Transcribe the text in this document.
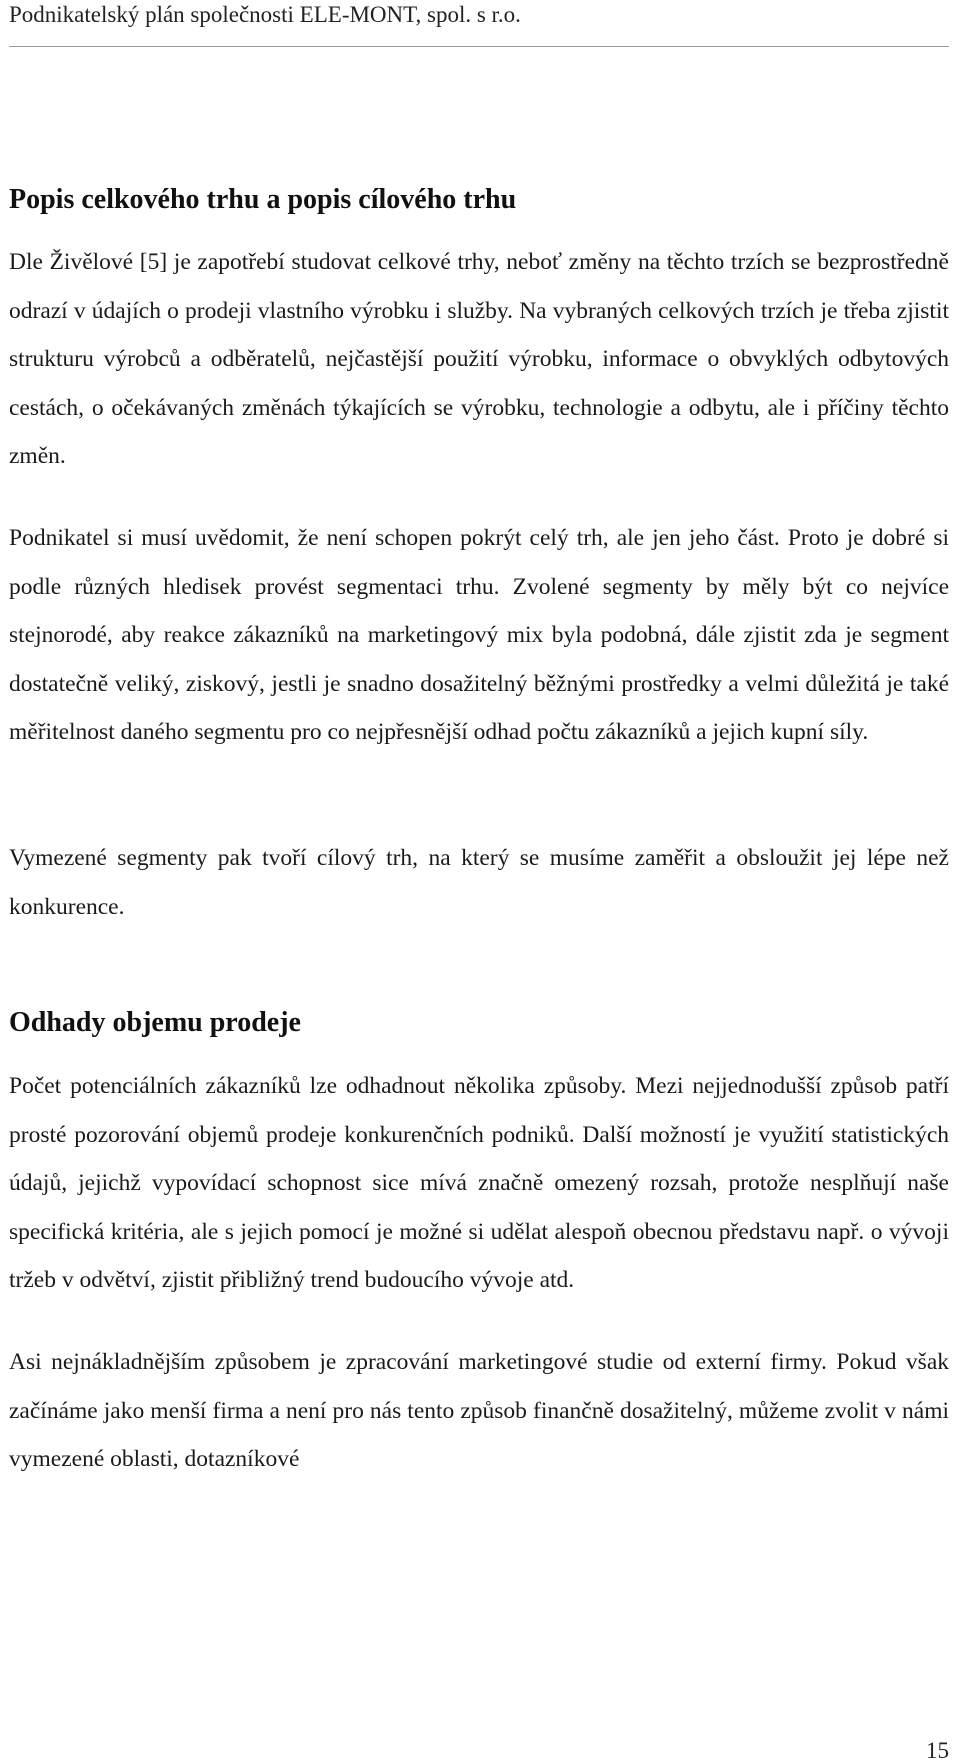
Podnikatelský plán společnosti ELE-MONT, spol. s r.o.
Popis celkového trhu a popis cílového trhu

Dle Živělové [5] je zapotřebí studovat celkové trhy, neboť změny na těchto trzích se bezprostředně odrazí v údajích o prodeji vlastního výrobku i služby. Na vybraných celkových trzích je třeba zjistit strukturu výrobců a odběratelů, nejčastější použití výrobku, informace o obvyklých odbytových cestách, o očekávaných změnách týkajících se výrobku, technologie a odbytu, ale i příčiny těchto změn.

Podnikatel si musí uvědomit, že není schopen pokrýt celý trh, ale jen jeho část. Proto je dobré si podle různých hledisek provést segmentaci trhu. Zvolené segmenty by měly být co nejvíce stejnorodé, aby reakce zákazníků na marketingový mix byla podobná, dále zjistit zda je segment dostatečně veliký, ziskový, jestli je snadno dosažitelný běžnými prostředky a velmi důležitá je také měřitelnost daného segmentu pro co nejpřesnější odhad počtu zákazníků a jejich kupní síly.

Vymezené segmenty pak tvoří cílový trh, na který se musíme zaměřit a obsloužit jej lépe než konkurence.

Odhady objemu prodeje

Počet potenciálních zákazníků lze odhadnout několika způsoby. Mezi nejjednodušší způsob patří prosté pozorování objemů prodeje konkurenčních podniků. Další možností je využití statistických údajů, jejichž vypovídací schopnost sice mívá značně omezený rozsah, protože nesplňují naše specifická kritéria, ale s jejich pomocí je možné si udělat alespoň obecnou představu např. o vývoji tržeb v odvětví, zjistit přibližný trend budoucího vývoje atd.

Asi nejnákladnějším způsobem je zpracování marketingové studie od externí firmy. Pokud však začínáme jako menší firma a není pro nás tento způsob finančně dosažitelný, můžeme zvolit v námi vymezené oblasti, dotazníkové

15
